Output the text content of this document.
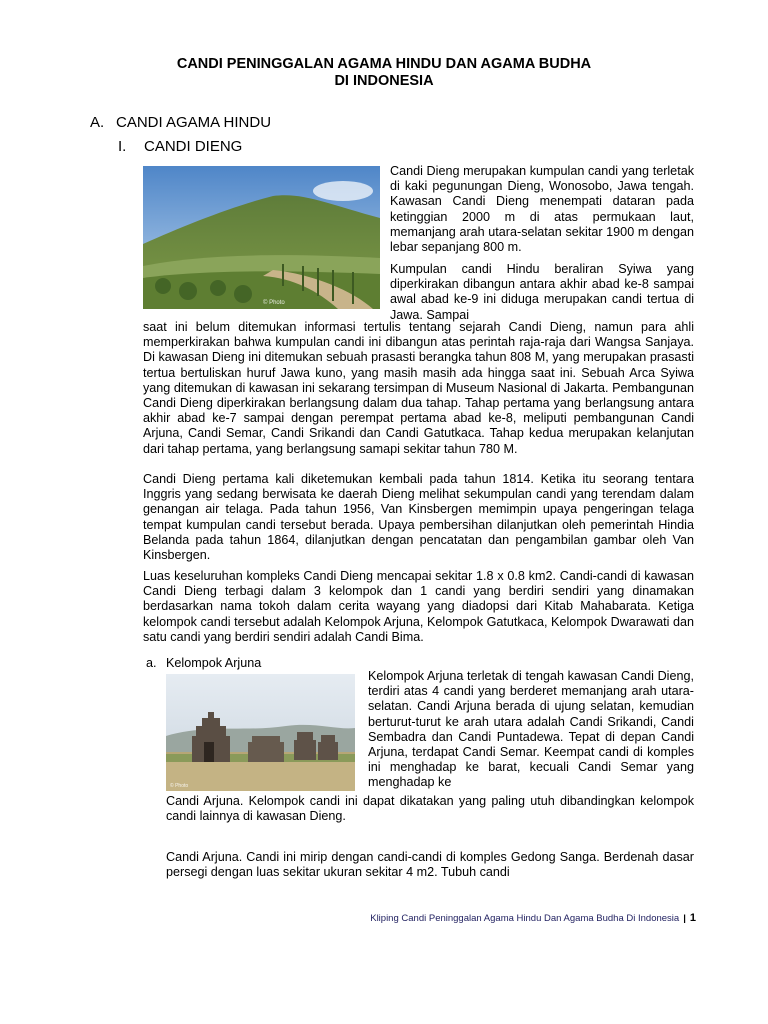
CANDI PENINGGALAN AGAMA HINDU DAN AGAMA BUDHA
DI INDONESIA
A. CANDI AGAMA HINDU
I. CANDI DIENG
© Photo

Candi Dieng merupakan kumpulan candi yang terletak di kaki pegunungan Dieng, Wonosobo, Jawa tengah. Kawasan Candi Dieng menempati dataran pada ketinggian 2000 m di atas permukaan laut, memanjang arah utara-selatan sekitar 1900 m dengan lebar sepanjang 800 m.

Kumpulan candi Hindu beraliran Syiwa yang diperkirakan dibangun antara akhir abad ke-8 sampai awal abad ke-9 ini diduga merupakan candi tertua di Jawa. Sampai

saat ini belum ditemukan informasi tertulis tentang sejarah Candi Dieng, namun para ahli memperkirakan bahwa kumpulan candi ini dibangun atas perintah raja-raja dari Wangsa Sanjaya. Di kawasan Dieng ini ditemukan sebuah prasasti berangka tahun 808 M, yang merupakan prasasti tertua bertuliskan huruf Jawa kuno, yang masih masih ada hingga saat ini. Sebuah Arca Syiwa yang ditemukan di kawasan ini sekarang tersimpan di Museum Nasional di Jakarta. Pembangunan Candi Dieng diperkirakan berlangsung dalam dua tahap. Tahap pertama yang berlangsung antara akhir abad ke-7 sampai dengan perempat pertama abad ke-8, meliputi pembangunan Candi Arjuna, Candi Semar, Candi Srikandi dan Candi Gatutkaca. Tahap kedua merupakan kelanjutan dari tahap pertama, yang berlangsung samapi sekitar tahun 780 M.

Candi Dieng pertama kali diketemukan kembali pada tahun 1814. Ketika itu seorang tentara Inggris yang sedang berwisata ke daerah Dieng melihat sekumpulan candi yang terendam dalam genangan air telaga. Pada tahun 1956, Van Kinsbergen memimpin upaya pengeringan telaga tempat kumpulan candi tersebut berada. Upaya pembersihan dilanjutkan oleh pemerintah Hindia Belanda pada tahun 1864, dilanjutkan dengan pencatatan dan pengambilan gambar oleh Van Kinsbergen.

Luas keseluruhan kompleks Candi Dieng mencapai sekitar 1.8 x 0.8 km2. Candi-candi di kawasan Candi Dieng terbagi dalam 3 kelompok dan 1 candi yang berdiri sendiri yang dinamakan berdasarkan nama tokoh dalam cerita wayang yang diadopsi dari Kitab Mahabarata. Ketiga kelompok candi tersebut adalah Kelompok Arjuna, Kelompok Gatutkaca, Kelompok Dwarawati dan satu candi yang berdiri sendiri adalah Candi Bima.

a. Kelompok Arjuna
© Photo

Kelompok Arjuna terletak di tengah kawasan Candi Dieng, terdiri atas 4 candi yang berderet memanjang arah utara-selatan. Candi Arjuna berada di ujung selatan, kemudian berturut-turut ke arah utara adalah Candi Srikandi, Candi Sembadra dan Candi Puntadewa. Tepat di depan Candi Arjuna, terdapat Candi Semar. Keempat candi di komples ini menghadap ke barat, kecuali Candi Semar yang menghadap ke

Candi Arjuna. Kelompok candi ini dapat dikatakan yang paling utuh dibandingkan kelompok candi lainnya di kawasan Dieng.

Candi Arjuna. Candi ini mirip dengan candi-candi di komples Gedong Sanga. Berdenah dasar persegi dengan luas sekitar ukuran sekitar 4 m2. Tubuh candi

Kliping Candi Peninggalan Agama Hindu Dan Agama Budha Di Indonesia | 1
